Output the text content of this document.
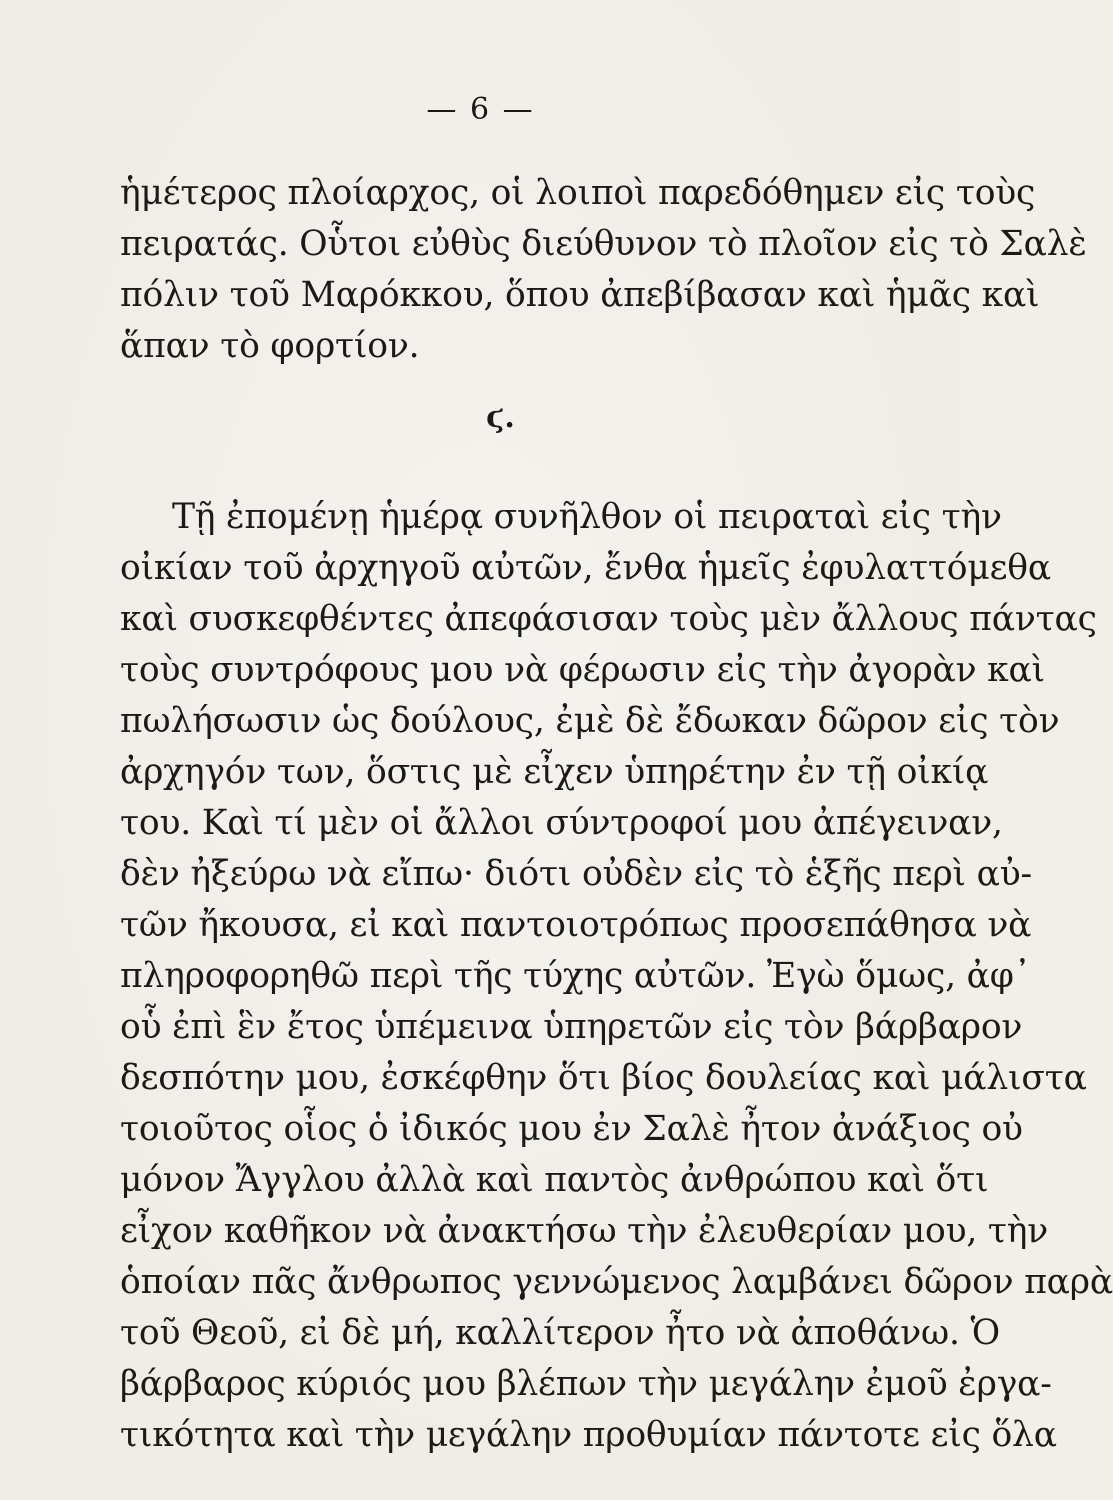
— 6 —
ἡμέτερος πλοίαρχος, οἱ λοιποὶ παρεδόθημεν εἰς τοὺς
πειρατάς. Οὗτοι εὐθὺς διεύθυνον τὸ πλοῖον εἰς τὸ Σαλὲ
πόλιν τοῦ Μαρόκκου, ὅπου ἀπεβίβασαν καὶ ἡμᾶς καὶ
ἅπαν τὸ φορτίον.
ϛ.
Τῇ ἐπομένῃ ἡμέρᾳ συνῆλθον οἱ πειραταὶ εἰς τὴν
οἰκίαν τοῦ ἀρχηγοῦ αὐτῶν, ἔνθα ἡμεῖς ἐφυλαττόμεθα
καὶ συσκεφθέντες ἀπεφάσισαν τοὺς μὲν ἄλλους πάντας
τοὺς συντρόφους μου νὰ φέρωσιν εἰς τὴν ἀγορὰν καὶ
πωλήσωσιν ὡς δούλους, ἐμὲ δὲ ἔδωκαν δῶρον εἰς τὸν
ἀρχηγόν των, ὅστις μὲ εἶχεν ὑπηρέτην ἐν τῇ οἰκίᾳ
του. Καὶ τί μὲν οἱ ἄλλοι σύντροφοί μου ἀπέγειναν,
δὲν ἠξεύρω νὰ εἴπω· διότι οὐδὲν εἰς τὸ ἑξῆς περὶ αὐ-
τῶν ἤκουσα, εἰ καὶ παντοιοτρόπως προσεπάθησα νὰ
πληροφορηθῶ περὶ τῆς τύχης αὐτῶν. Ἐγὼ ὅμως, ἀφ᾽
οὗ ἐπὶ ἓν ἔτος ὑπέμεινα ὑπηρετῶν εἰς τὸν βάρβαρον
δεσπότην μου, ἐσκέφθην ὅτι βίος δουλείας καὶ μάλιστα
τοιοῦτος οἷος ὁ ἰδικός μου ἐν Σαλὲ ἦτον ἀνάξιος οὐ
μόνον Ἄγγλου ἀλλὰ καὶ παντὸς ἀνθρώπου καὶ ὅτι
εἶχον καθῆκον νὰ ἀνακτήσω τὴν ἐλευθερίαν μου, τὴν
ὁποίαν πᾶς ἄνθρωπος γεννώμενος λαμβάνει δῶρον παρὰ
τοῦ Θεοῦ, εἰ δὲ μή, καλλίτερον ἦτο νὰ ἀποθάνω. Ὁ
βάρβαρος κύριός μου βλέπων τὴν μεγάλην ἐμοῦ ἐργα-
τικότητα καὶ τὴν μεγάλην προθυμίαν πάντοτε εἰς ὅλα
